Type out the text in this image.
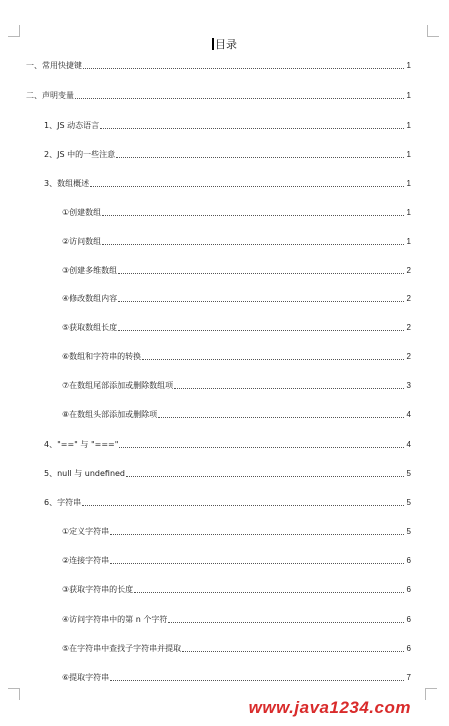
目录
一、常用快捷键	1
二、声明变量	1
1、JS 动态语言	1
2、JS 中的一些注意	1
3、数组概述	1
①创建数组	1
②访问数组	1
③创建多维数组	2
④修改数组内容	2
⑤获取数组长度	2
⑥数组和字符串的转换	2
⑦在数组尾部添加或删除数组项	3
⑧在数组头部添加或删除项	4
4、"==" 与 "==="	4
5、null 与 undefined	5
6、字符串	5
①定义字符串	5
②连接字符串	6
③获取字符串的长度	6
④访问字符串中的第 n 个字符	6
⑤在字符串中查找子字符串并提取	6
⑥提取字符串	7
www.java1234.com
